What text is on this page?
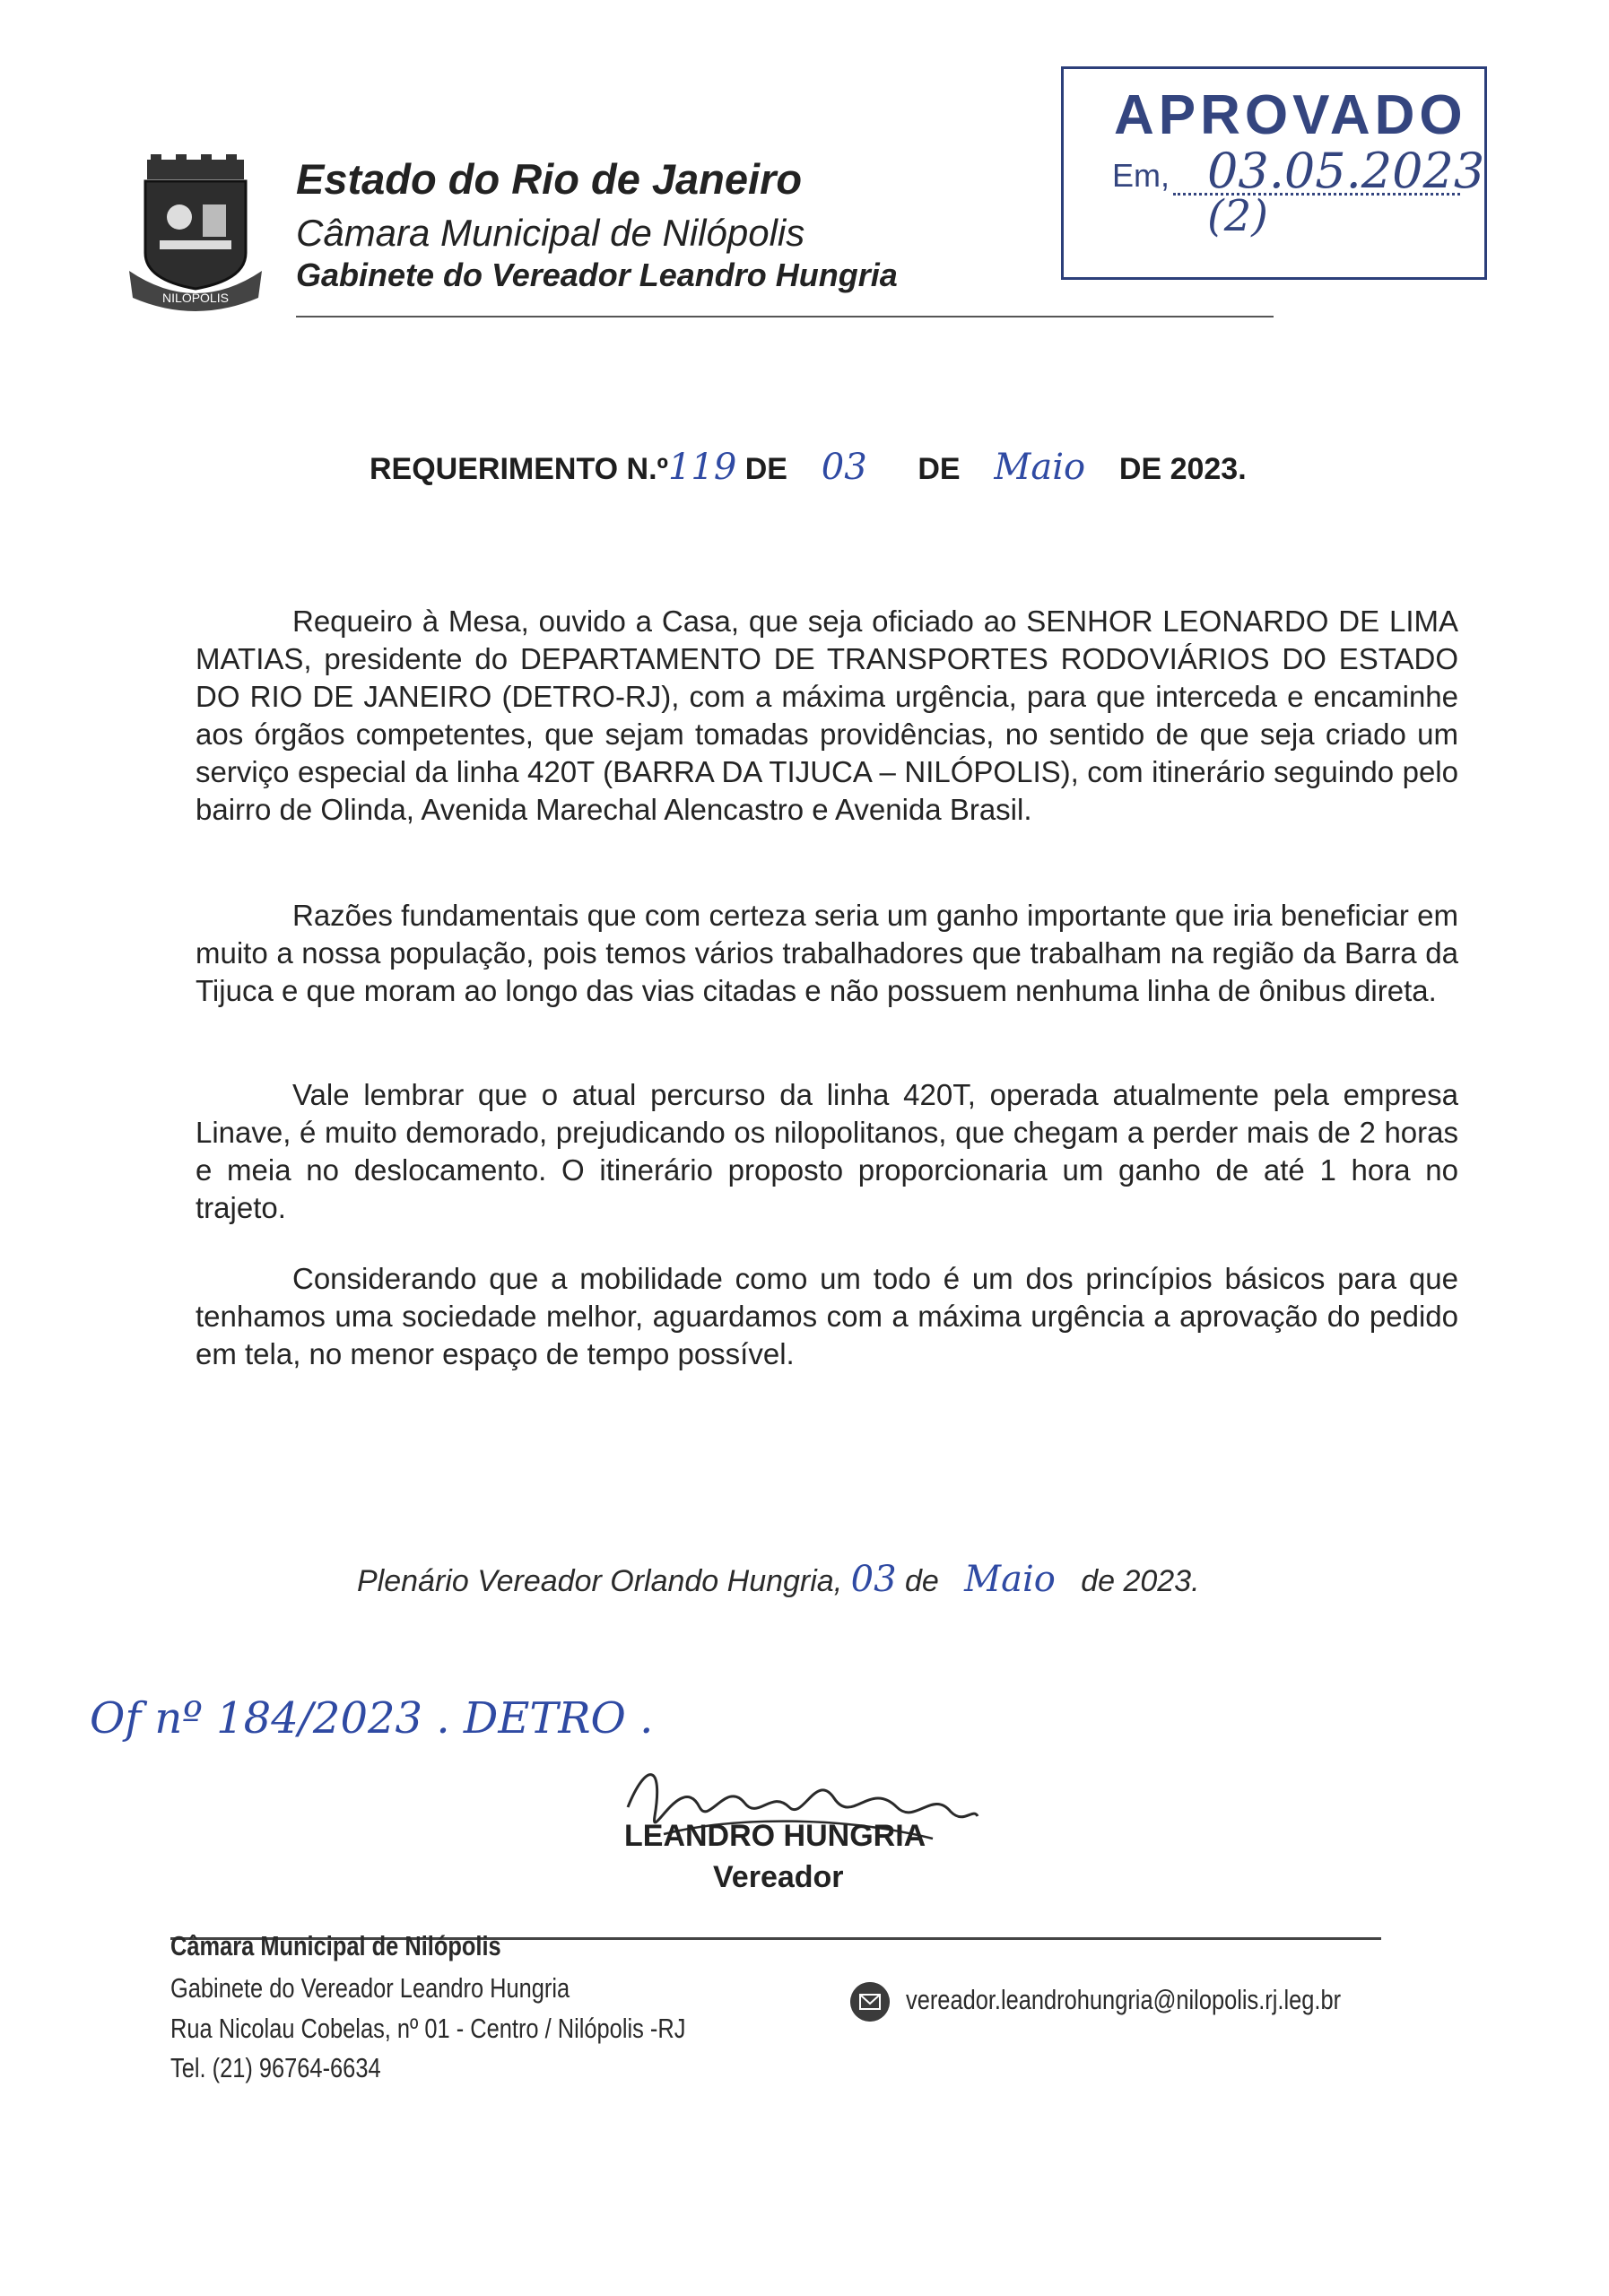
NILÓPOLIS
Estado do Rio de Janeiro
Câmara Municipal de Nilópolis
Gabinete do Vereador Leandro Hungria
APROVADO
Em, 03.05.2023
(2)
REQUERIMENTO N.º119 DE 03 DE Maio DE 2023.
Requeiro à Mesa, ouvido a Casa, que seja oficiado ao SENHOR LEONARDO DE LIMA MATIAS, presidente do DEPARTAMENTO DE TRANSPORTES RODOVIÁRIOS DO ESTADO DO RIO DE JANEIRO (DETRO-RJ), com a máxima urgência, para que interceda e encaminhe aos órgãos competentes, que sejam tomadas providências, no sentido de que seja criado um serviço especial da linha 420T (BARRA DA TIJUCA – NILÓPOLIS), com itinerário seguindo pelo bairro de Olinda, Avenida Marechal Alencastro e Avenida Brasil.
Razões fundamentais que com certeza seria um ganho importante que iria beneficiar em muito a nossa população, pois temos vários trabalhadores que trabalham na região da Barra da Tijuca e que moram ao longo das vias citadas e não possuem nenhuma linha de ônibus direta.
Vale lembrar que o atual percurso da linha 420T, operada atualmente pela empresa Linave, é muito demorado, prejudicando os nilopolitanos, que chegam a perder mais de 2 horas e meia no deslocamento. O itinerário proposto proporcionaria um ganho de até 1 hora no trajeto.
Considerando que a mobilidade como um todo é um dos princípios básicos para que tenhamos uma sociedade melhor, aguardamos com a máxima urgência a aprovação do pedido em tela, no menor espaço de tempo possível.
Plenário Vereador Orlando Hungria, 03 de Maio de 2023.
Of nº 184/2023 . DETRO .
LEANDRO HUNGRIA
Vereador
Câmara Municipal de Nilópolis
Gabinete do Vereador Leandro Hungria
Rua Nicolau Cobelas, nº 01 - Centro / Nilópolis -RJ
Tel. (21) 96764-6634
vereador.leandrohungria@nilopolis.rj.leg.br
